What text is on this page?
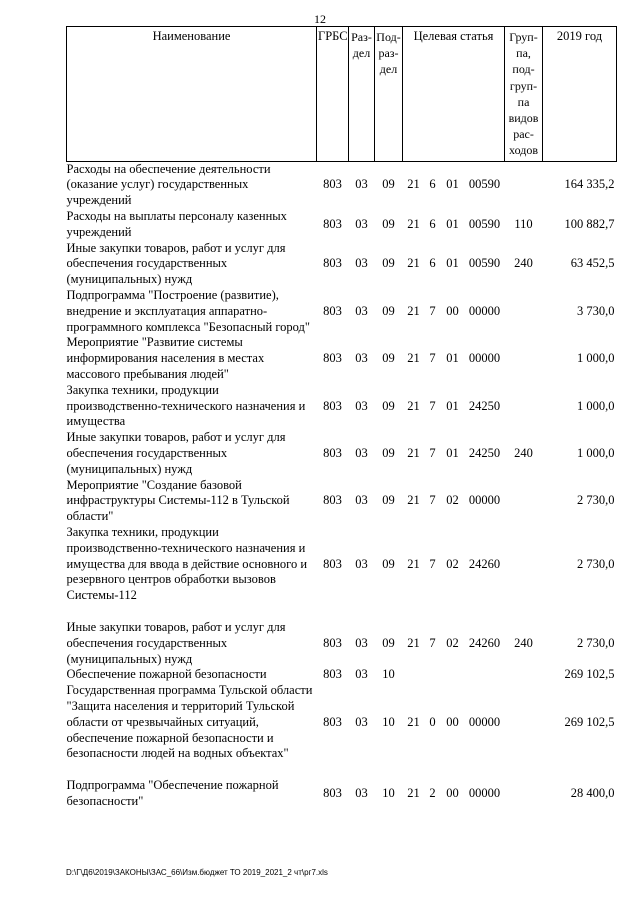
12
Наименование	ГРБС	Раз-дел	Под-раз-дел	Целевая статья				Груп-па, под-груп-па видов рас-ходов	2019 год
Расходы на обеспечение деятельности (оказание услуг) государственных учреждений	803	03	09	21	6	01	00590		164 335,2
Расходы на выплаты персоналу казенных учреждений	803	03	09	21	6	01	00590	110	100 882,7
Иные закупки товаров, работ и услуг для обеспечения государственных (муниципальных) нужд	803	03	09	21	6	01	00590	240	63 452,5
Подпрограмма "Построение (развитие), внедрение и эксплуатация аппаратно-программного комплекса "Безопасный город"	803	03	09	21	7	00	00000		3 730,0
Мероприятие "Развитие системы информирования населения в местах массового пребывания людей"	803	03	09	21	7	01	00000		1 000,0
Закупка техники, продукции производственно-технического назначения и имущества	803	03	09	21	7	01	24250		1 000,0
Иные закупки товаров, работ и услуг для обеспечения государственных (муниципальных) нужд	803	03	09	21	7	01	24250	240	1 000,0
Мероприятие "Создание базовой инфраструктуры Системы-112 в Тульской области"	803	03	09	21	7	02	00000		2 730,0
Закупка техники, продукции производственно-технического назначения и имущества для ввода в действие основного и резервного центров обработки вызовов Системы-112	803	03	09	21	7	02	24260		2 730,0

Иные закупки товаров, работ и услуг для обеспечения государственных (муниципальных) нужд	803	03	09	21	7	02	24260	240	2 730,0
Обеспечение пожарной безопасности	803	03	10						269 102,5
Государственная программа Тульской области "Защита населения и территорий Тульской области от чрезвычайных ситуаций, обеспечение пожарной безопасности и безопасности людей на водных объектах"	803	03	10	21	0	00	00000		269 102,5

Подпрограмма "Обеспечение пожарной безопасности"	803	03	10	21	2	00	00000		28 400,0
D:\Г\Д6\2019\ЗАКОНЫ\ЗАС_66\Изм.бюджет ТО 2019_2021_2 чт\рг7.xls
